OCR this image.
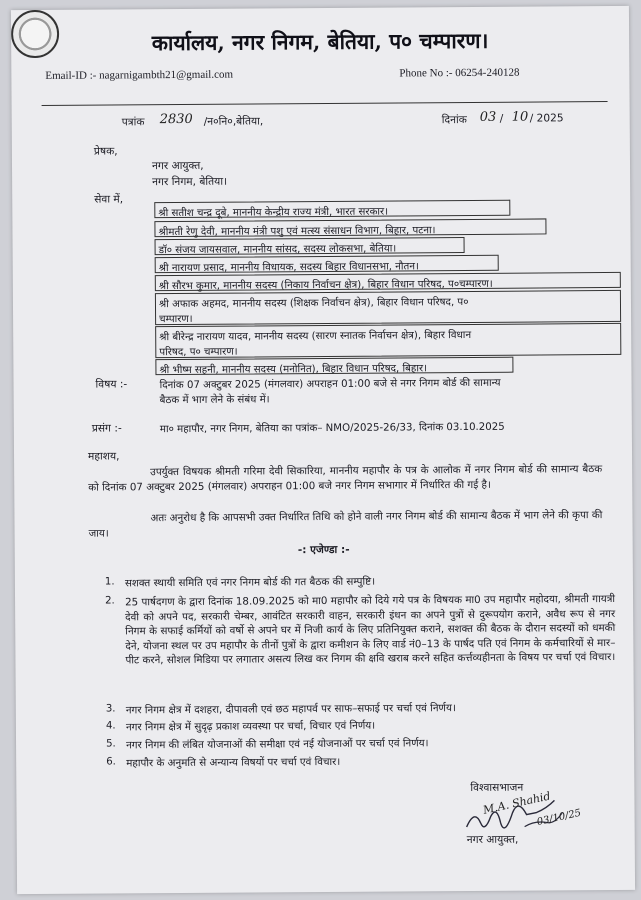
कार्यालय, नगर निगम, बेतिया, प० चम्पारण।
Email-ID :- nagarnigambth21@gmail.com	Phone No :- 06254-240128
पत्रांक 2830 /न०नि०,बेतिया,	दिनांक 03 / 10 / 2025
प्रेषक,
नगर आयुक्त,
नगर निगम, बेतिया।
सेवा में,
श्री सतीश चन्द्र दूबे, माननीय केन्द्रीय राज्य मंत्री, भारत सरकार।
श्रीमती रेणु देवी, माननीय मंत्री पशु एवं मत्स्य संसाधन विभाग, बिहार, पटना।
डॉ० संजय जायसवाल, माननीय सांसद, सदस्य लोकसभा, बेतिया।
श्री नारायण प्रसाद, माननीय विधायक, सदस्य बिहार विधानसभा, नौतन।
श्री सौरभ कुमार, माननीय सदस्य (निकाय निर्वाचन क्षेत्र), बिहार विधान परिषद, प०चम्पारण।
श्री अफाक अहमद, माननीय सदस्य (शिक्षक निर्वाचन क्षेत्र), बिहार विधान परिषद, प०
चम्पारण।
श्री बीरेन्द्र नारायण यादव, माननीय सदस्य (सारण स्नातक निर्वाचन क्षेत्र), बिहार विधान
परिषद, प० चम्पारण।
श्री भीष्म सहनी, माननीय सदस्य (मनोनित), बिहार विधान परिषद, बिहार।
विषय :-	दिनांक 07 अक्टुबर 2025 (मंगलवार) अपराहन 01:00 बजे से नगर निगम बोर्ड की सामान्य
बैठक में भाग लेने के संबंध में।
प्रसंग :-	मा० महापौर, नगर निगम, बेतिया का पत्रांक– NMO/2025-26/33, दिनांक 03.10.2025
महाशय,
उपर्युक्त विषयक श्रीमती गरिमा देवी सिकारिया, माननीय महापौर के पत्र के आलोक में नगर निगम बोर्ड की सामान्य बैठक को दिनांक 07 अक्टुबर 2025 (मंगलवार) अपराहन 01:00 बजे नगर निगम सभागार में निर्धारित की गई है।
अतः अनुरोध है कि आपसभी उक्त निर्धारित तिथि को होने वाली नगर निगम बोर्ड की सामान्य बैठक में भाग लेने की कृपा की जाय।
-: एजेण्डा :-
1. सशक्त स्थायी समिति एवं नगर निगम बोर्ड की गत बैठक की सम्पुष्टि।
2. 25 पार्षदगण के द्वारा दिनांक 18.09.2025 को मा0 महापौर को दिये गये पत्र के विषयक मा0 उप महापौर महोदया, श्रीमती गायत्री देवी को अपने पद, सरकारी चेम्बर, आवंटित सरकारी वाहन, सरकारी इंधन का अपने पुत्रों से दुरूपयोग कराने, अवैध रूप से नगर निगम के सफाई कर्मियों को वर्षो से अपने घर में निजी कार्य के लिए प्रतिनियुक्त कराने, सशक्त की बैठक के दौरान सदस्यों को धमकी देने, योजना स्थल पर उप महापौर के तीनों पुत्रों के द्वारा कमीशन के लिए वार्ड नं0–13 के पार्षद पति एवं निगम के कर्मचारियों से मार–पीट करने, सोशल मिडिया पर लगातार असत्य लिख कर निगम की क्षवि खराब करने सहित कर्त्तव्यहीनता के विषय पर चर्चा एवं विचार।
3. नगर निगम क्षेत्र में दशहरा, दीपावली एवं छठ महापर्व पर साफ–सफाई पर चर्चा एवं निर्णय।
4. नगर निगम क्षेत्र में सुदृढ़ प्रकाश व्यवस्था पर चर्चा, विचार एवं निर्णय।
5. नगर निगम की लंबित योजनाओं की समीक्षा एवं नई योजनाओं पर चर्चा एवं निर्णय।
6. महापौर के अनुमति से अन्यान्य विषयों पर चर्चा एवं विचार।
विश्वासभाजन
M.A. Shahid
03/10/25
नगर आयुक्त,
